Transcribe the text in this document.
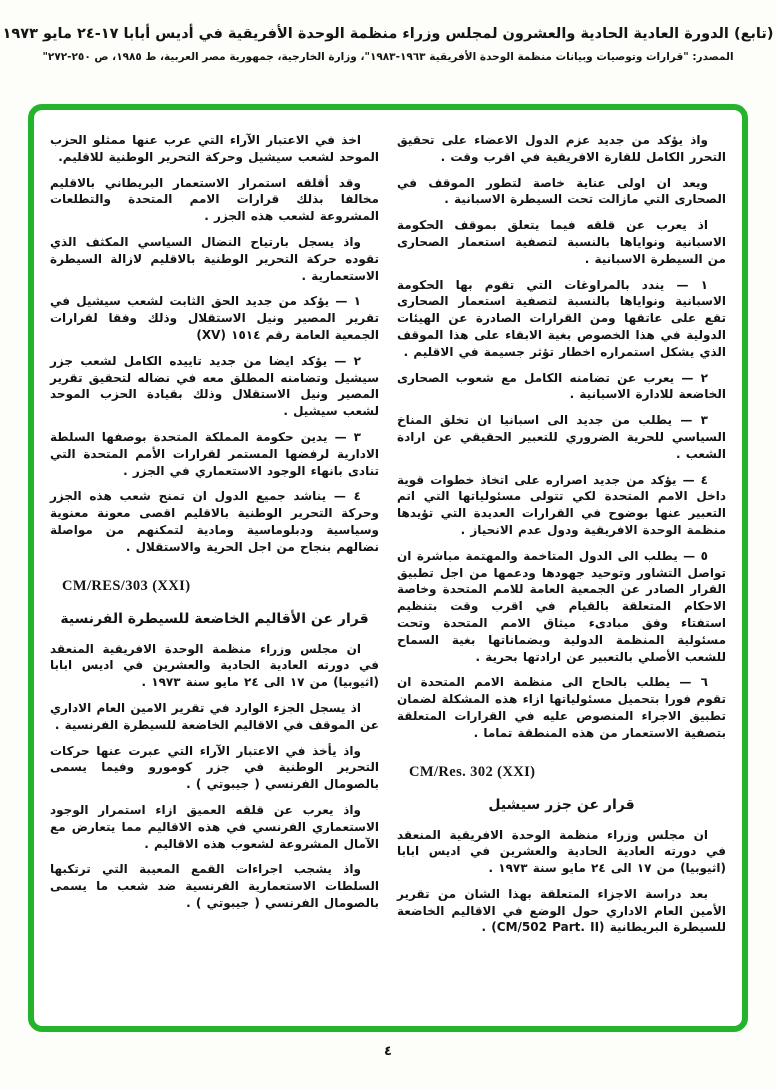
(تابع) الدورة العادية الحادية والعشرون لمجلس وزراء منظمة الوحدة الأفريقية في أديس أبابا ١٧-٢٤ مايو ١٩٧٣
المصدر: "قرارات وتوصيات وبيانات منظمة الوحدة الأفريقية ١٩٦٣-١٩٨٣"، وزارة الخارجية، جمهورية مصر العربية، ط ١٩٨٥، ص ٢٥٠-٢٧٢"

واذ يؤكد من جديد عزم الدول الاعضاء على تحقيق التحرر الكامل للقارة الافريقية في اقرب وقت .

ويعد ان اولى عناية خاصة لتطور الموقف في الصحارى التي مازالت تحت السيطرة الاسبانية .

اذ يعرب عن قلقه فيما يتعلق بموقف الحكومة الاسبانية ونواياها بالنسبة لتصفية استعمار الصحارى من السيطرة الاسبانية .

١ — يندد بالمراوغات التي تقوم بها الحكومة الاسبانية ونواياها بالنسبة لتصفية استعمار الصحارى تقع على عاتقها ومن القرارات الصادرة عن الهيئات الدولية في هذا الخصوص بغية الابقاء على هذا الموقف الذي يشكل استمراره اخطار تؤثر جسيمة في الاقليم .

٢ — يعرب عن تضامنه الكامل مع شعوب الصحارى الخاضعة للادارة الاسبانية .

٣ — يطلب من جديد الى اسبانيا ان تخلق المناخ السياسي للحرية الضروري للتعبير الحقيقي عن ارادة الشعب .

٤ — يؤكد من جديد اصراره على اتخاذ خطوات قوية داخل الامم المتحدة لكي تتولى مسئولياتها التي اتم التعبير عنها بوضوح في القرارات العديدة التي تؤيدها منظمة الوحدة الافريقية ودول عدم الانحياز .

٥ — يطلب الى الدول المتاخمة والمهتمة مباشرة ان تواصل التشاور وتوحيد جهودها ودعمها من اجل تطبيق القرار الصادر عن الجمعية العامة للامم المتحدة وخاصة الاحكام المتعلقة بالقيام في اقرب وقت بتنظيم استفتاء وفق مبادىء ميثاق الامم المتحدة وتحت مسئولية المنظمة الدولية وبضماناتها بغية السماح للشعب الأصلي بالتعبير عن ارادتها بحرية .

٦ — يطلب بالحاح الى منظمة الامم المتحدة ان تقوم فورا بتحميل مسئولياتها ازاء هذه المشكلة لضمان تطبيق الاجراء المنصوص عليه في القرارات المتعلقة بتصفية الاستعمار من هذه المنطقة تماما .

CM/Res. 302 (XXI)
قرار عن جزر سيشيل

ان مجلس وزراء منظمة الوحدة الافريقية المنعقد في دورته العادية الحادية والعشرين في اديس ابابا (اثيوبيا) من ١٧ الى ٢٤ مايو سنة ١٩٧٣ .

بعد دراسة الاجزاء المتعلقة بهذا الشان من تقرير الأمين العام الاداري حول الوضع في الاقاليم الخاضعة للسيطرة البريطانية (CM/502 Part. II) .

اخذ في الاعتبار الآراء التي عرب عنها ممثلو الحزب الموحد لشعب سيشيل وحركة التحرير الوطنية للاقليم.

وقد أقلقه استمرار الاستعمار البريطاني بالاقليم مخالفا بذلك قرارات الامم المتحدة والتطلعات المشروعة لشعب هذه الجزر .

واذ يسجل بارتياح النضال السياسي المكثف الذي تقوده حركة التحرير الوطنية بالاقليم لازالة السيطرة الاستعمارية .

١ — يؤكد من جديد الحق الثابت لشعب سيشيل في تقرير المصير ونيل الاستقلال وذلك وفقا لقرارات الجمعية العامة رقم ١٥١٤ (XV)

٢ — يؤكد ايضا من جديد تاييده الكامل لشعب جزر سيشيل وتضامنه المطلق معه في نضاله لتحقيق تقرير المصير ونيل الاستقلال وذلك بقيادة الحزب الموحد لشعب سيشيل .

٣ — يدين حكومة المملكة المتحدة بوصفها السلطة الادارية لرفضها المستمر لقرارات الأمم المتحدة التي تنادى بانهاء الوجود الاستعماري في الجزر .

٤ — يناشد جميع الدول ان تمنح شعب هذه الجزر وحركة التحرير الوطنية بالاقليم اقصى معونة معنوية وسياسية ودبلوماسية ومادية لتمكنهم من مواصلة نضالهم بنجاح من اجل الحرية والاستقلال .

CM/RES/303 (XXI)
قرار عن الأقاليم الخاضعة للسيطرة الفرنسية

ان مجلس وزراء منظمة الوحدة الافريقية المنعقد في دورته العادية الحادية والعشرين في اديس ابابا (اثيوبيا) من ١٧ الى ٢٤ مايو سنة ١٩٧٣ .

اذ يسجل الجزء الوارد في تقرير الامين العام الاداري عن الموقف في الاقاليم الخاضعة للسيطرة الفرنسية .

واذ يأخذ في الاعتبار الآراء التي عبرت عنها حركات التحرير الوطنية في جزر كومورو وفيما يسمى بالصومال الفرنسي ( جيبوتي ) .

واذ يعرب عن قلقه العميق ازاء استمرار الوجود الاستعماري الفرنسي في هذه الاقاليم مما يتعارض مع الآمال المشروعة لشعوب هذه الاقاليم .

واذ يشجب اجراءات القمع المعيبة التي ترتكبها السلطات الاستعمارية الفرنسية ضد شعب ما يسمى بالصومال الفرنسي ( جيبوتي ) .

٤
